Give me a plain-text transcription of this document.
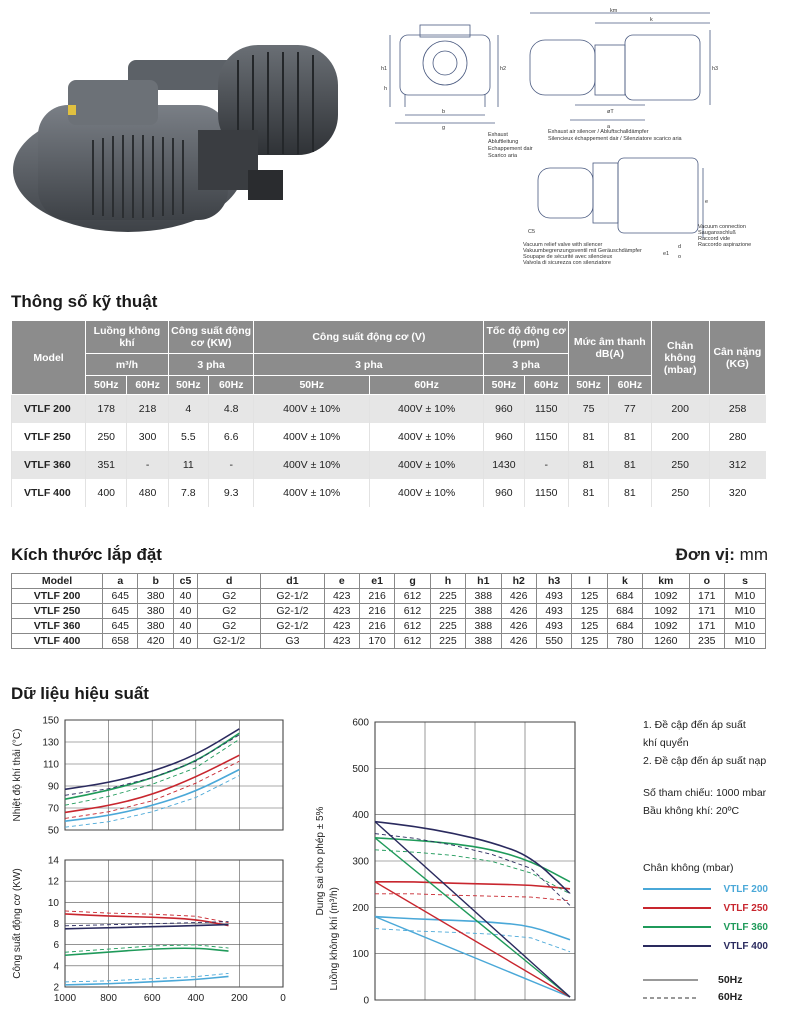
h1
h
h2
b
g
km
k
h3
øT
a
Exhaust
Abluftleitung
Echappement dair
Scarico aria
Exhaust air silencer / Abluftschalldämpfer
Silencieux échappement dair / Silenziatore scarico aria
e
C5
Vacuum relief valve with silencer
Vakuumbegrenzungsventil mit Geräuschdämpfer
Soupape de sécurité avec silencieux
Valvola di sicurezza con silenziatore
Vacuum connection
Saugansschluß
Raccord vide
Raccordo aspirazione
d
e1 o
Thông số kỹ thuật
Model	Luồng không khí		Công suất động cơ (KW)		Công suất động cơ (V)		Tốc độ động cơ (rpm)		Mức âm thanh dB(A)		Chân không (mbar)	Cân nặng (KG)
	m³/h		3 pha		3 pha		3 pha					
	50Hz	60Hz	50Hz	60Hz	50Hz	60Hz	50Hz	60Hz	50Hz	60Hz		
VTLF 200	178	218	4	4.8	400V ± 10%	400V ± 10%	960	1150	75	77	200	258
VTLF 250	250	300	5.5	6.6	400V ± 10%	400V ± 10%	960	1150	81	81	200	280
VTLF 360	351	-	11	-	400V ± 10%	400V ± 10%	1430	-	81	81	250	312
VTLF 400	400	480	7.8	9.3	400V ± 10%	400V ± 10%	960	1150	81	81	250	320
Kích thước lắp đặt	Đơn vị: mm
Model	a	b	c5	d	d1	e	e1	g	h	h1	h2	h3	l	k	km	o	s
VTLF 200	645	380	40	G2	G2-1/2	423	216	612	225	388	426	493	125	684	1092	171	M10
VTLF 250	645	380	40	G2	G2-1/2	423	216	612	225	388	426	493	125	684	1092	171	M10
VTLF 360	645	380	40	G2	G2-1/2	423	216	612	225	388	426	493	125	684	1092	171	M10
VTLF 400	658	420	40	G2-1/2	G3	423	170	612	225	388	426	550	125	780	1260	235	M10
Dữ liệu hiệu suất
150
130
110
90
70
50
Nhiệt độ khí thải (°C)
14
12
10
8
6
4
2
Công suất động cơ (KW)
1000 800	600	400	200	0
600
500
400
300
200
100
0
Dung sai cho phép ± 5%
Luồng không khí (m³/h)
1. Đề cập đến áp suất
khí quyển
2. Đề cập đến áp suất nạp
Số tham chiếu: 1000 mbar
Bầu không khí: 20ºC
Chân không (mbar)
VTLF 200
VTLF 250
VTLF 360
VTLF 400
50Hz
60Hz
